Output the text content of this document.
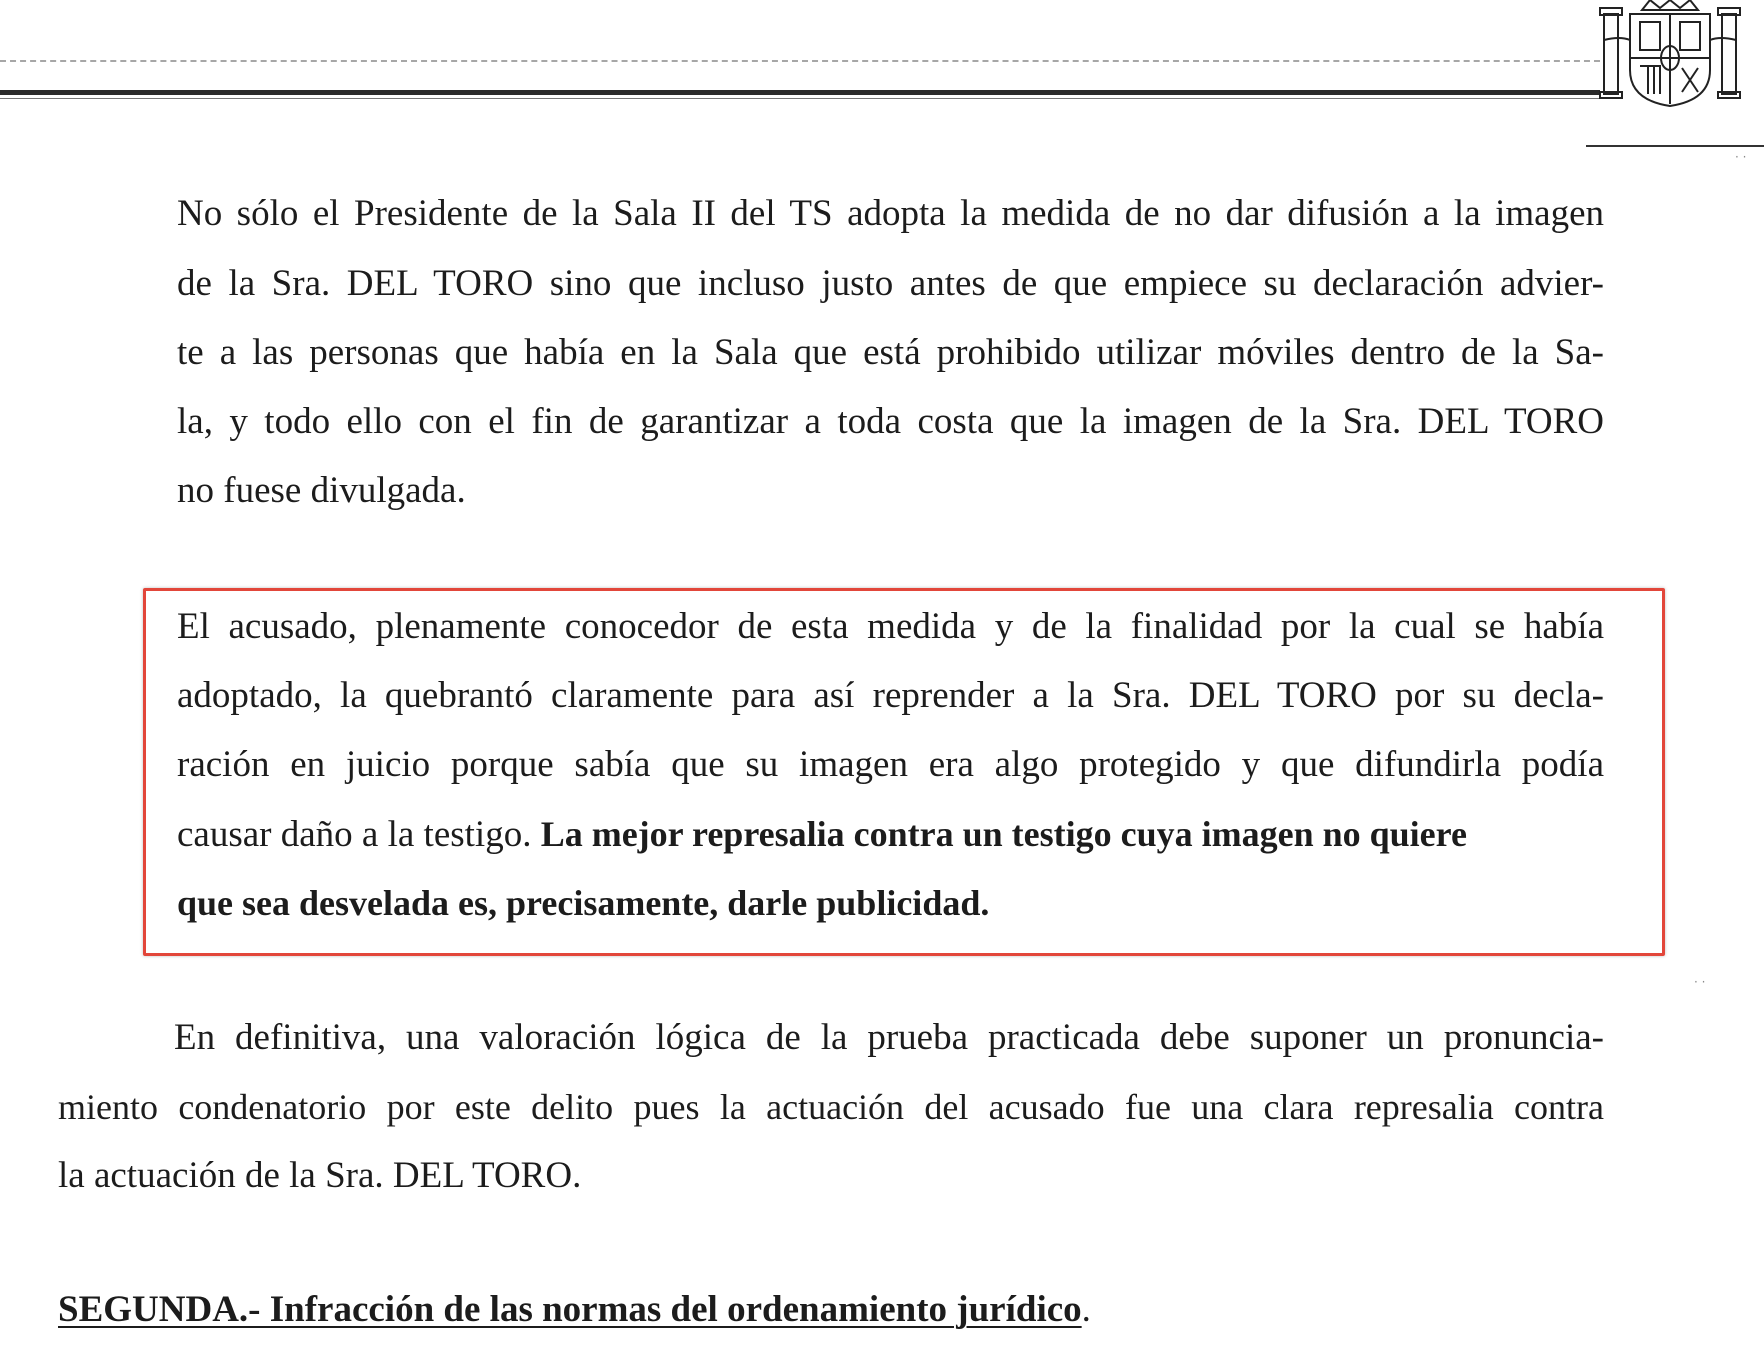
· ·
· ·

No sólo el Presidente de la Sala II del TS adopta la medida de no dar difusión a la imagen

de la Sra. DEL TORO sino que incluso justo antes de que empiece su declaración advier-

te a las personas que había en la Sala que está prohibido utilizar móviles dentro de la Sa-

la, y todo ello con el fin de garantizar a toda costa que la imagen de la Sra. DEL TORO

no fuese divulgada.

El acusado, plenamente conocedor de esta medida y de la finalidad por la cual se había

adoptado, la quebrantó claramente para así reprender a la Sra. DEL TORO por su decla-

ración en juicio porque sabía que su imagen era algo protegido y que difundirla podía

causar daño a la testigo. La mejor represalia contra un testigo cuya imagen no quiere

que sea desvelada es, precisamente, darle publicidad.

En definitiva, una valoración lógica de la prueba practicada debe suponer un pronuncia-

miento condenatorio por este delito pues la actuación del acusado fue una clara represalia contra

la actuación de la Sra. DEL TORO.

SEGUNDA.- Infracción de las normas del ordenamiento jurídico.
